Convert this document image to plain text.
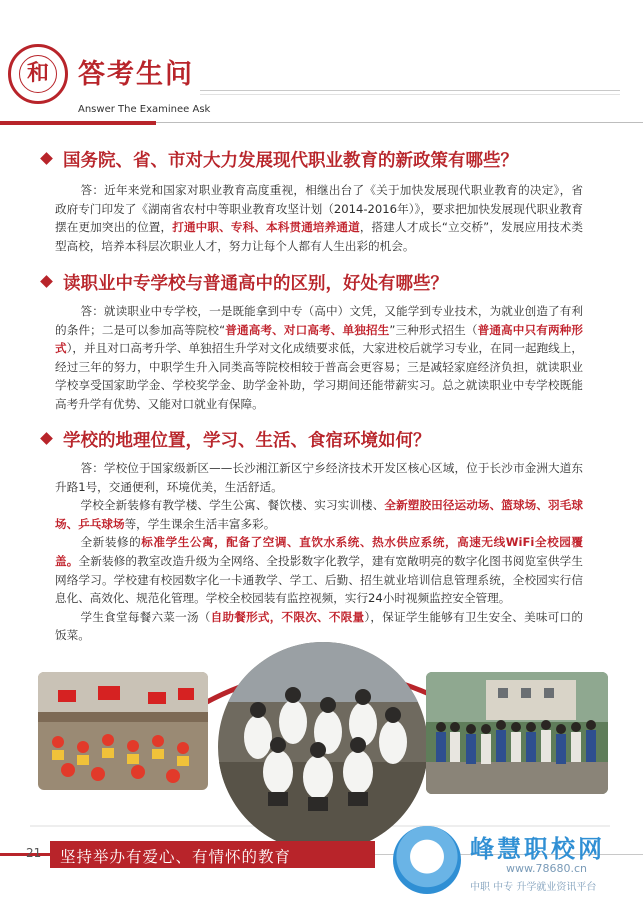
和 答考生问
Answer The Examinee Ask
国务院、省、市对大力发展现代职业教育的新政策有哪些？

答：近年来党和国家对职业教育高度重视，相继出台了《关于加快发展现代职业教育的决定》，省政府专门印发了《湖南省农村中等职业教育攻坚计划（2014-2016年）》，要求把加快发展现代职业教育摆在更加突出的位置，打通中职、专科、本科贯通培养通道，搭建人才成长“立交桥”，发展应用技术类型高校，培养本科层次职业人才，努力让每个人都有人生出彩的机会。

读职业中专学校与普通高中的区别，好处有哪些？

答：就读职业中专学校，一是既能拿到中专（高中）文凭，又能学到专业技术，为就业创造了有利的条件；二是可以参加高等院校“普通高考、对口高考、单独招生”三种形式招生（普通高中只有两种形式），并且对口高考升学、单独招生升学对文化成绩要求低，大家进校后就学习专业，在同一起跑线上，经过三年的努力，中职学生升入同类高等院校相较于普高会更容易；三是减轻家庭经济负担，就读职业学校享受国家助学金、学校奖学金、助学金补助，学习期间还能带薪实习。总之就读职业中专学校既能高考升学有优势、又能对口就业有保障。

学校的地理位置，学习、生活、食宿环境如何？

答：学校位于国家级新区——长沙湘江新区宁乡经济技术开发区核心区域，位于长沙市金洲大道东升路1号，交通便利，环境优美，生活舒适。

学校全新装修有教学楼、学生公寓、餐饮楼、实习实训楼、全新塑胶田径运动场、篮球场、羽毛球场、乒乓球场等，学生课余生活丰富多彩。

全新装修的标准学生公寓，配备了空调、直饮水系统、热水供应系统，高速无线WiFi全校园覆盖。全新装修的教室改造升级为全网络、全投影数字化教学，建有宽敞明亮的数字化图书阅览室供学生网络学习。学校建有校园数字化一卡通教学、学工、后勤、招生就业培训信息管理系统，全校园实行信息化、高效化、规范化管理。学校全校园装有监控视频，实行24小时视频监控安全管理。

学生食堂每餐六菜一汤（自助餐形式，不限次、不限量），保证学生能够有卫生安全、美味可口的饭菜。

21 坚持举办有爱心、有情怀的教育	峰慧职校网
www.78680.cn
中职 中专 升学就业资讯平台
